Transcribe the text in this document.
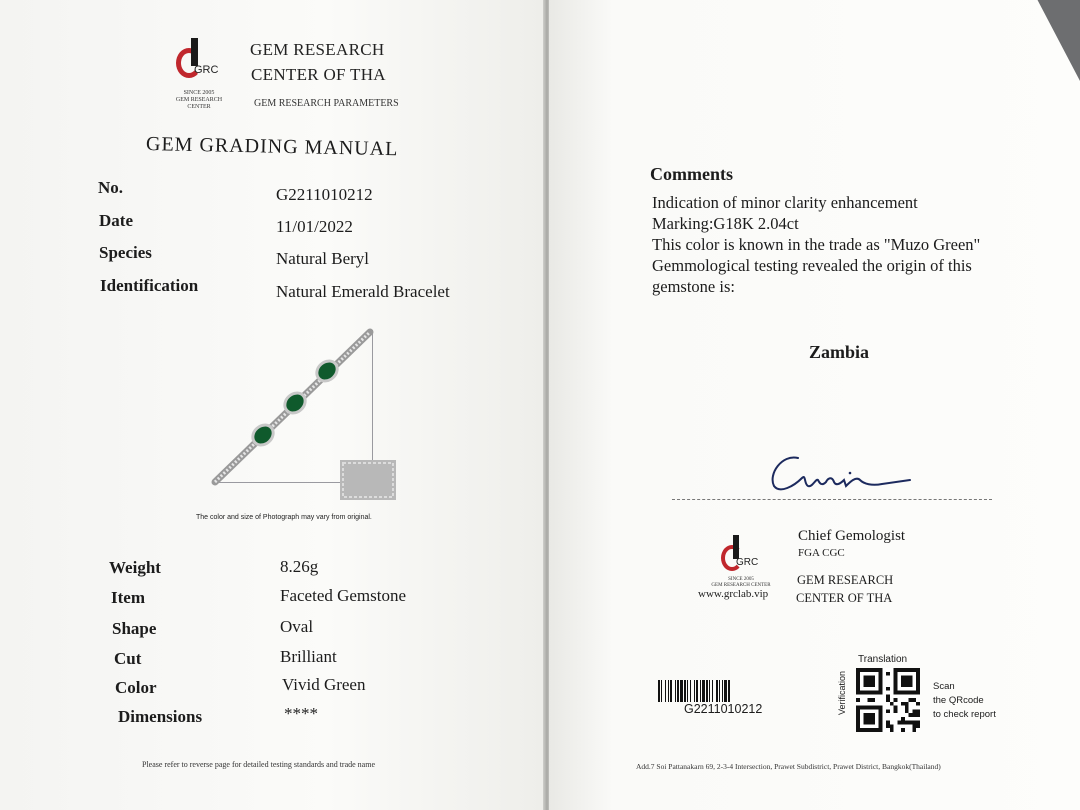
GRC
SINCE 2005
GEM RESEARCH CENTER
GEM RESEARCH
CENTER OF THA
GEM RESEARCH PARAMETERS
GEM GRADING MANUAL
No.	G2211010212
Date	11/01/2022
Species	Natural Beryl
Identification	Natural Emerald Bracelet
The color and size of Photograph may vary from original.
Weight	8.26g
Item	Faceted Gemstone
Shape	Oval
Cut	Brilliant
Color	Vivid Green
Dimensions	****
Please refer to reverse page for detailed testing standards and trade name
Comments
Indication of minor clarity enhancement
Marking:G18K 2.04ct
This color is known in the trade as "Muzo Green"
Gemmological testing revealed the origin of this
gemstone is:
Zambia
GRC
SINCE 2005
GEM RESEARCH CENTER
www.grclab.vip
Chief Gemologist
FGA CGC
GEM RESEARCH
CENTER OF THA
G2211010212
Translation
Verification	Scan
the QRcode
to check report
Add.7 Soi Pattanakarn 69, 2-3-4 Intersection, Prawet Subdistrict, Prawet District, Bangkok(Thailand)
